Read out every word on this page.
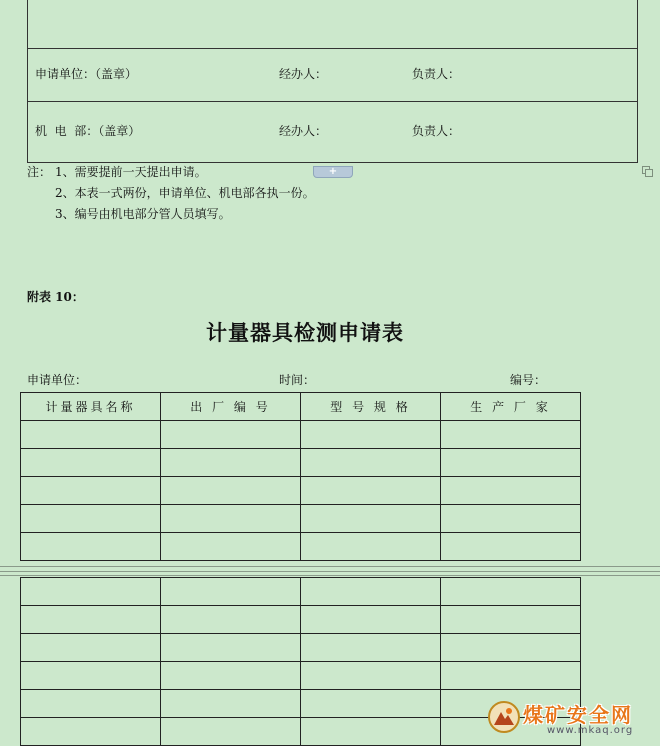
申请单位：（盖章）	经办人：	负责人：
机  电  部：（盖章）	经办人：	负责人：
+
注： 1、需要提前一天提出申请。
2、本表一式两份，申请单位、机电部各执一份。
3、编号由机电部分管人员填写。
附表 10：
计量器具检测申请表
申请单位：	时间：	编号：
计量器具名称	出 厂 编 号	型 号 规 格	生 产 厂 家

煤矿安全网
www.mkaq.org
